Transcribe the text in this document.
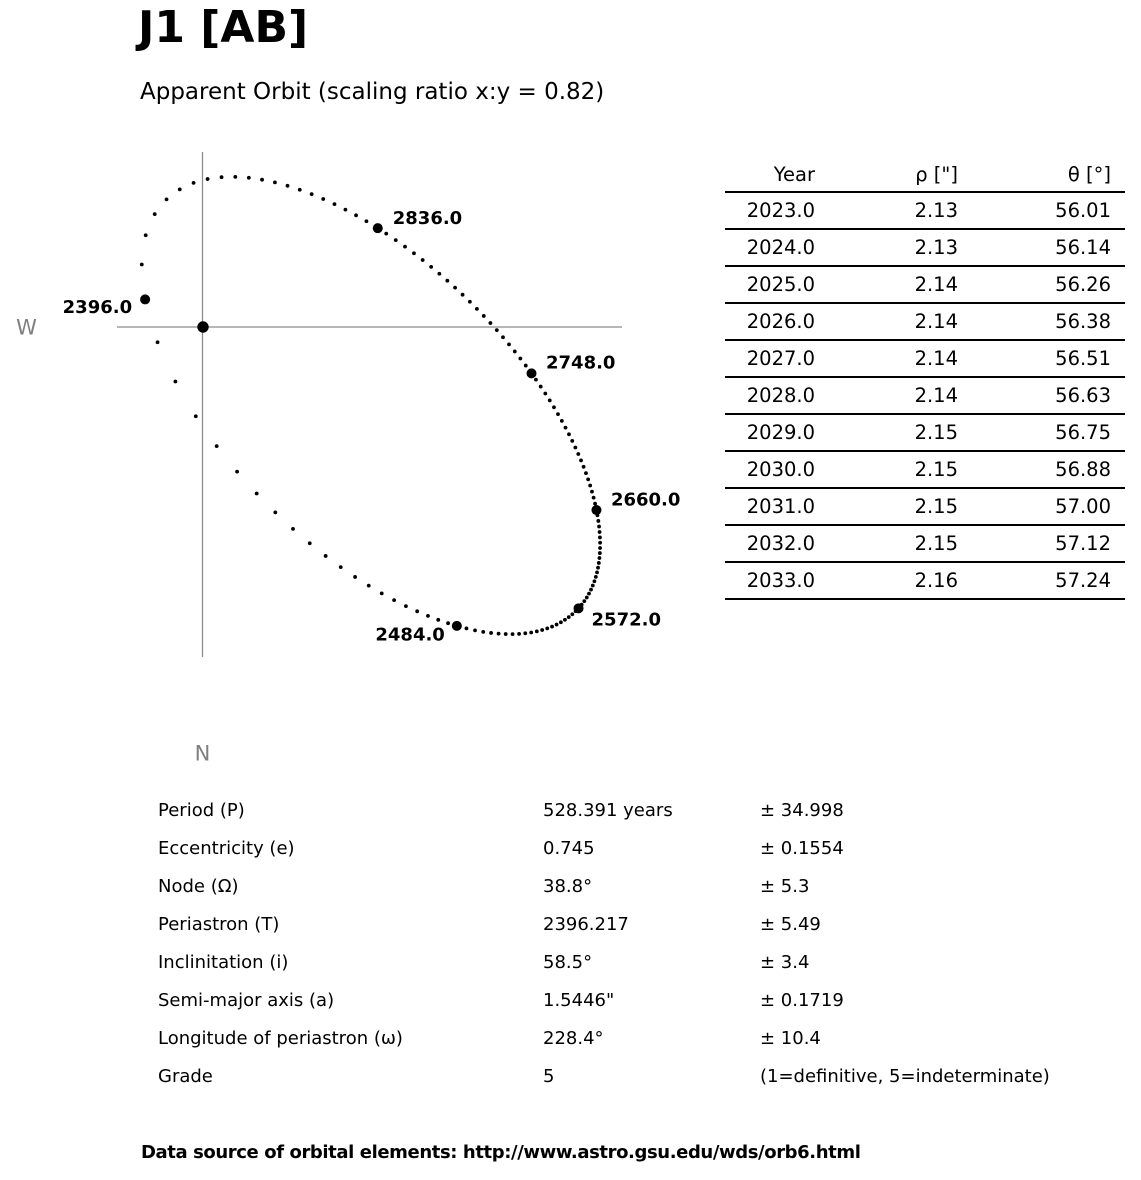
J1 [AB]
Apparent Orbit (scaling ratio x:y = 0.82)
W
N
2396.0
2484.0
2572.0
2660.0
2748.0
2836.0
Year	ρ ["]	θ [°]
2023.0	2.13	56.01
2024.0	2.13	56.14
2025.0	2.14	56.26
2026.0	2.14	56.38
2027.0	2.14	56.51
2028.0	2.14	56.63
2029.0	2.15	56.75
2030.0	2.15	56.88
2031.0	2.15	57.00
2032.0	2.15	57.12
2033.0	2.16	57.24
Period (P)	528.391 years	± 34.998
Eccentricity (e)	0.745	± 0.1554
Node (Ω)	38.8°	± 5.3
Periastron (T)	2396.217	± 5.49
Inclinitation (i)	58.5°	± 3.4
Semi-major axis (a)	1.5446"	± 0.1719
Longitude of periastron (ω)	228.4°	± 10.4
Grade	5	(1=definitive, 5=indeterminate)
Data source of orbital elements: http://www.astro.gsu.edu/wds/orb6.html
